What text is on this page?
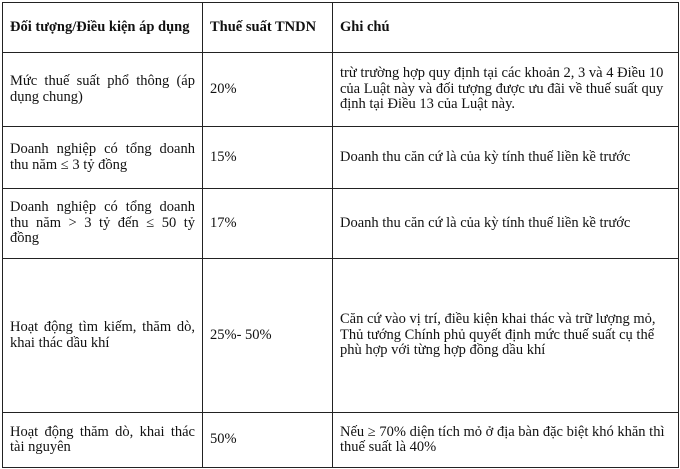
Đối tượng/Điều kiện áp dụng	Thuế suất TNDN	Ghi chú
Mức thuế suất phổ thông (áp dụng chung)	20%	trừ trường hợp quy định tại các khoản 2, 3 và 4 Điều 10 của Luật này và đối tượng được ưu đãi về thuế suất quy định tại Điều 13 của Luật này.
Doanh nghiệp có tổng doanh thu năm ≤ 3 tỷ đồng	15%	Doanh thu căn cứ là của kỳ tính thuế liền kề trước
Doanh nghiệp có tổng doanh thu năm > 3 tỷ đến ≤ 50 tỷ đồng	17%	Doanh thu căn cứ là của kỳ tính thuế liền kề trước
Hoạt động tìm kiếm, thăm dò, khai thác dầu khí	25%- 50%	Căn cứ vào vị trí, điều kiện khai thác và trữ lượng mỏ, Thủ tướng Chính phủ quyết định mức thuế suất cụ thể phù hợp với từng hợp đồng dầu khí
Hoạt động thăm dò, khai thác tài nguyên	50%	Nếu ≥ 70% diện tích mỏ ở địa bàn đặc biệt khó khăn thì thuế suất là 40%
